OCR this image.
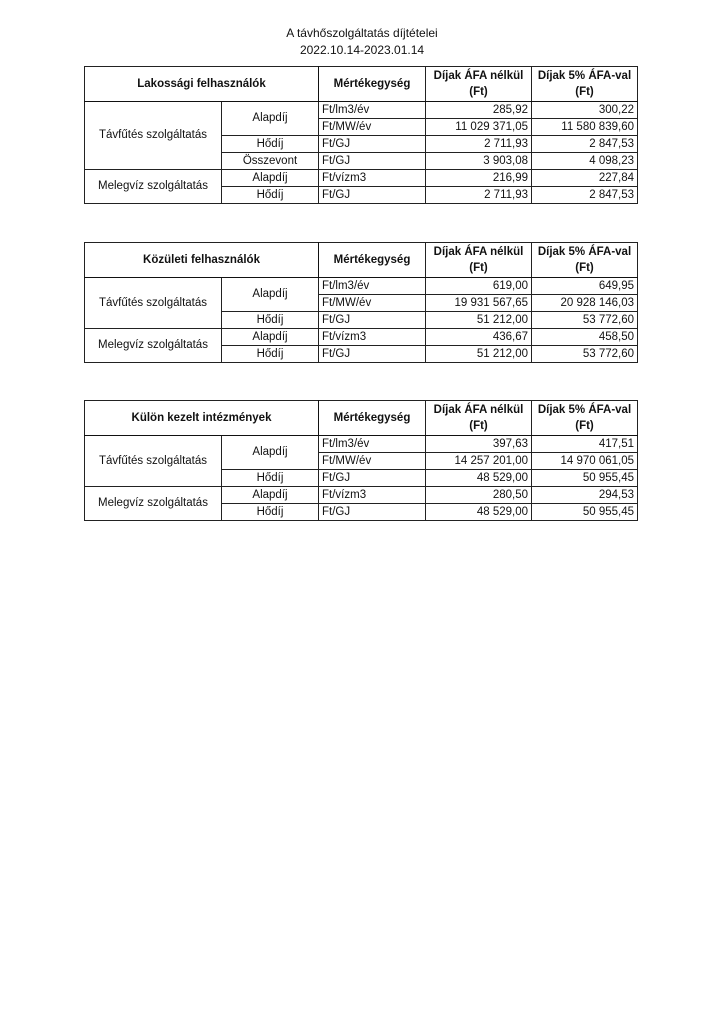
A távhőszolgáltatás díjtételei
2022.10.14-2023.01.14
Lakossági felhasználók		Mértékegység	Díjak ÁFA nélkül
(Ft)	Díjak 5% ÁFA-val
(Ft)
Távfűtés szolgáltatás	Alapdíj	Ft/lm3/év	285,92	300,22
		Ft/MW/év	11 029 371,05	11 580 839,60
	Hődíj	Ft/GJ	2 711,93	2 847,53
	Összevont	Ft/GJ	3 903,08	4 098,23
Melegvíz szolgáltatás	Alapdíj	Ft/vízm3	216,99	227,84
	Hődíj	Ft/GJ	2 711,93	2 847,53
Közületi felhasználók		Mértékegység	Díjak ÁFA nélkül
(Ft)	Díjak 5% ÁFA-val
(Ft)
Távfűtés szolgáltatás	Alapdíj	Ft/lm3/év	619,00	649,95
		Ft/MW/év	19 931 567,65	20 928 146,03
	Hődíj	Ft/GJ	51 212,00	53 772,60
Melegvíz szolgáltatás	Alapdíj	Ft/vízm3	436,67	458,50
	Hődíj	Ft/GJ	51 212,00	53 772,60
Külön kezelt intézmények		Mértékegység	Díjak ÁFA nélkül
(Ft)	Díjak 5% ÁFA-val
(Ft)
Távfűtés szolgáltatás	Alapdíj	Ft/lm3/év	397,63	417,51
		Ft/MW/év	14 257 201,00	14 970 061,05
	Hődíj	Ft/GJ	48 529,00	50 955,45
Melegvíz szolgáltatás	Alapdíj	Ft/vízm3	280,50	294,53
	Hődíj	Ft/GJ	48 529,00	50 955,45
